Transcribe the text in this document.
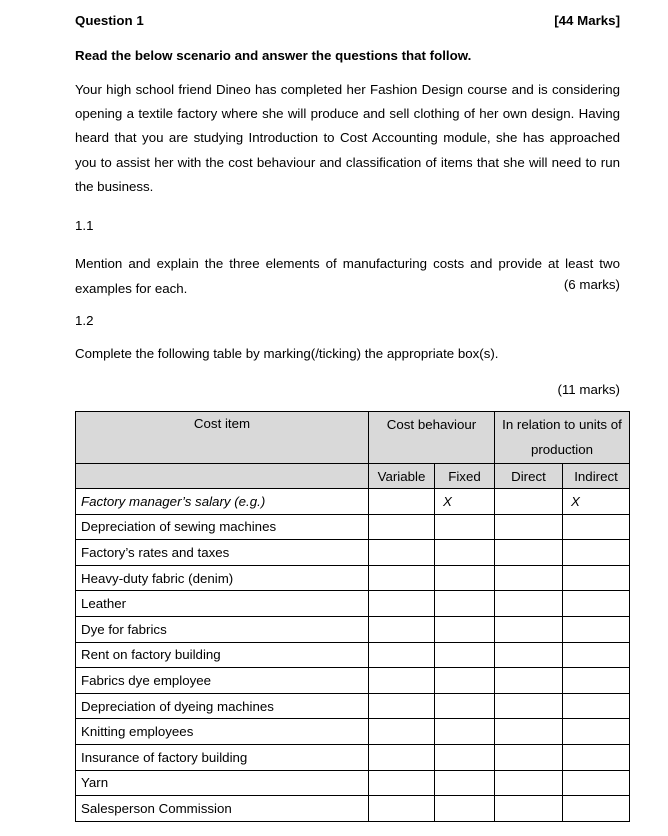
Question 1	[44 Marks]
Read the below scenario and answer the questions that follow.
Your high school friend Dineo has completed her Fashion Design course and is considering opening a textile factory where she will produce and sell clothing of her own design. Having heard that you are studying Introduction to Cost Accounting module, she has approached you to assist her with the cost behaviour and classification of items that she will need to run the business.
1.1
Mention and explain the three elements of manufacturing costs and provide at least two examples for each.	(6 marks)
1.2
Complete the following table by marking(/ticking) the appropriate box(s).
(11 marks)
Cost item	Cost behaviour		In relation to units of production	
	Variable	Fixed	Direct	Indirect
Factory manager’s salary (e.g.)		X		X
Depreciation of sewing machines				
Factory’s rates and taxes				
Heavy-duty fabric (denim)				
Leather				
Dye for fabrics				
Rent on factory building				
Fabrics dye employee				
Depreciation of dyeing machines				
Knitting employees				
Insurance of factory building				
Yarn				
Salesperson Commission				
